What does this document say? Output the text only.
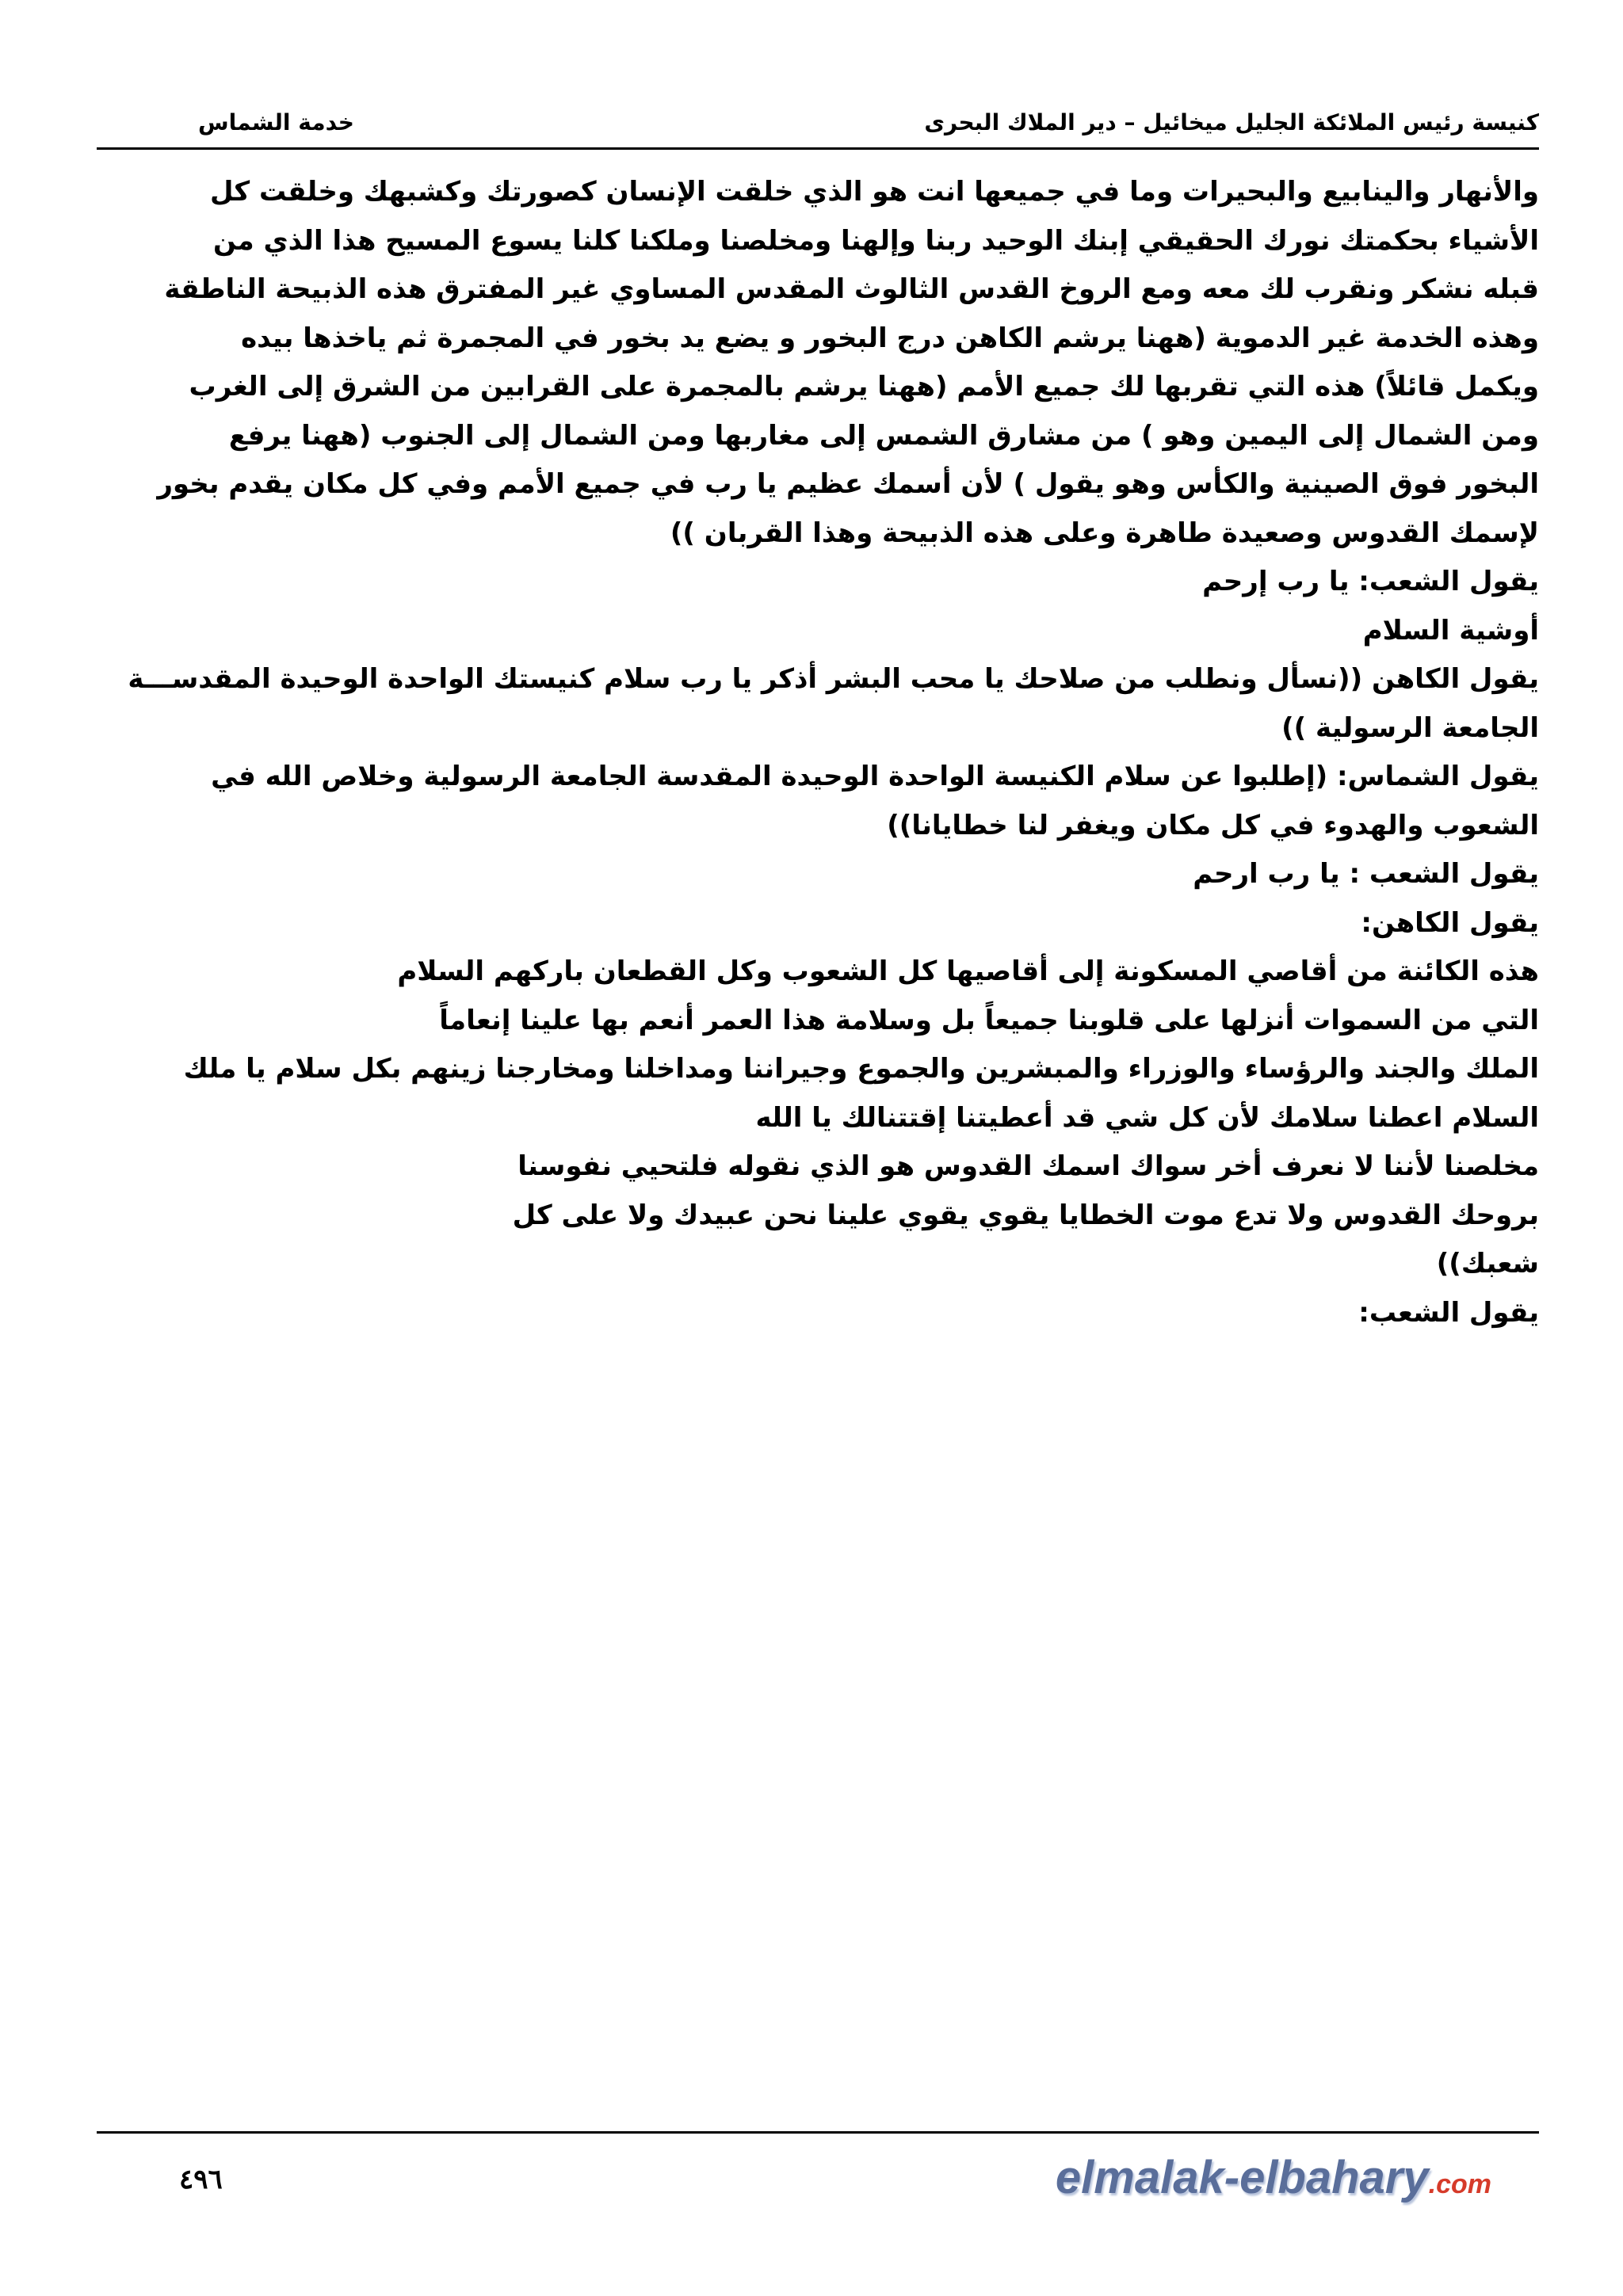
كنيسة رئيس الملائكة الجليل ميخائيل – دير الملاك البحرى
خدمة الشماس

والأنهار والينابيع والبحيرات وما في جميعها انت هو الذي خلقت الإنسان كصورتك وكشبهك وخلقت كل

الأشياء بحكمتك نورك الحقيقي إبنك الوحيد ربنا وإلهنا ومخلصنا وملكنا كلنا يسوع المسيح هذا الذي من

قبله نشكر ونقرب لك معه ومع الروخ القدس الثالوث المقدس المساوي غير المفترق هذه الذبيحة الناطقة

وهذه الخدمة غير الدموية (ههنا يرشم الكاهن درج البخور و يضع يد بخور في المجمرة ثم ياخذها بيده

ويكمل قائلاً) هذه التي تقربها لك جميع الأمم (ههنا يرشم بالمجمرة على القرابين من الشرق إلى الغرب

ومن الشمال إلى اليمين وهو ) من مشارق الشمس إلى مغاربها ومن الشمال إلى الجنوب (ههنا يرفع

البخور فوق الصينية والكأس وهو يقول ) لأن أسمك عظيم يا رب في جميع الأمم وفي كل مكان يقدم بخور

لإسمك القدوس وصعيدة طاهرة وعلى هذه الذبيحة وهذا القربان ))

يقول الشعب: يا رب إرحم

أوشية السلام

يقول الكاهن ((نسأل ونطلب من صلاحك يا محب البشر أذكر يا رب سلام كنيستك الواحدة الوحيدة المقدســـة

الجامعة الرسولية ))

يقول الشماس: (إطلبوا عن سلام الكنيسة الواحدة الوحيدة المقدسة الجامعة الرسولية وخلاص الله في

الشعوب والهدوء في كل مكان ويغفر لنا خطايانا))

يقول الشعب : يا رب ارحم

يقول الكاهن:

هذه الكائنة من أقاصي المسكونة إلى أقاصيها كل الشعوب وكل القطعان باركهم السلام

التي من السموات أنزلها على قلوبنا جميعاً بل وسلامة هذا العمر أنعم بها علينا إنعاماً

الملك والجند والرؤساء والوزراء والمبشرين والجموع وجيراننا ومداخلنا ومخارجنا زينهم بكل سلام يا ملك

السلام اعطنا سلامك لأن كل شي قد أعطيتنا إقتتنالك يا الله

مخلصنا لأننا لا نعرف أخر سواك اسمك القدوس هو الذي نقوله فلتحيي نفوسنا

بروحك القدوس ولا تدع موت الخطايا يقوي يقوي علينا نحن عبيدك ولا على كل

شعبك))

يقول الشعب:

٤٩٦	elmalak-elbahary.com
